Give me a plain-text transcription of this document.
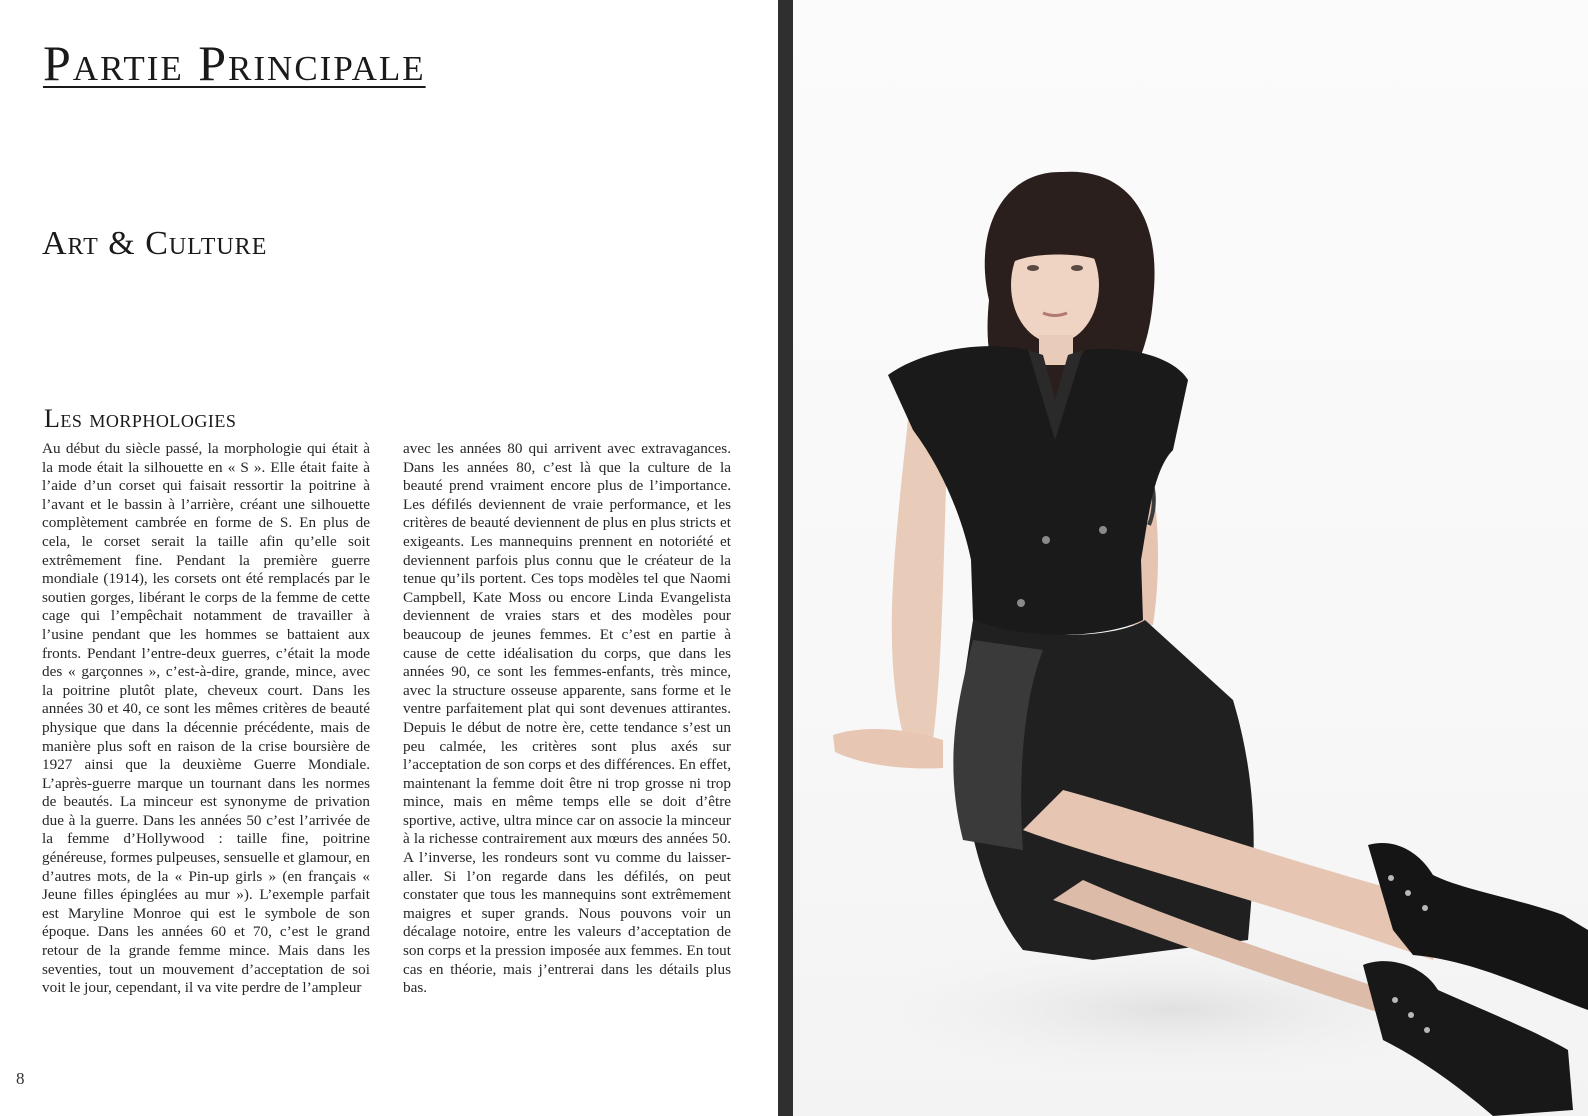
Partie Principale
Art & Culture
Les morphologies

Au début du siècle passé, la morphologie qui était à la mode était la silhouette en « S ». Elle était faite à l’aide d’un corset qui faisait ressortir la poitrine à l’avant et le bassin à l’arrière, créant une silhouette complètement cambrée en forme de S. En plus de cela, le corset serait la taille afin qu’elle soit extrêmement fine. Pendant la première guerre mondiale (1914), les corsets ont été remplacés par le soutien gorges, libérant le corps de la femme de cette cage qui l’empêchait notamment de travailler à l’usine pendant que les hommes se battaient aux fronts. Pendant l’entre-deux guerres, c’était la mode des « garçonnes », c’est-à-dire, grande, mince, avec la poitrine plutôt plate, cheveux court. Dans les années 30 et 40, ce sont les mêmes critères de beauté physique que dans la décennie précédente, mais de manière plus soft en raison de la crise boursière de 1927 ainsi que la deuxième Guerre Mondiale. L’après-guerre marque un tournant dans les normes de beautés. La minceur est synonyme de privation due à la guerre. Dans les années 50 c’est l’arrivée de la femme d’Hollywood : taille fine, poitrine généreuse, formes pulpeuses, sensuelle et glamour, en d’autres mots, de la « Pin-up girls » (en français « Jeune filles épinglées au mur »). L’exemple parfait est Maryline Monroe qui est le symbole de son époque. Dans les années 60 et 70, c’est le grand retour de la grande femme mince. Mais dans les seventies, tout un mouvement d’acceptation de soi voit le jour, cependant, il va vite perdre de l’ampleur

avec les années 80 qui arrivent avec extravagances. Dans les années 80, c’est là que la culture de la beauté prend vraiment encore plus de l’importance. Les défilés deviennent de vraie performance, et les critères de beauté deviennent de plus en plus stricts et exigeants. Les mannequins prennent en notoriété et deviennent parfois plus connu que le créateur de la tenue qu’ils portent. Ces tops modèles tel que Naomi Campbell, Kate Moss ou encore Linda Evangelista deviennent de vraies stars et des modèles pour beaucoup de jeunes femmes. Et c’est en partie à cause de cette idéalisation du corps, que dans les années 90, ce sont les femmes-enfants, très mince, avec la structure osseuse apparente, sans forme et le ventre parfaitement plat qui sont devenues attirantes. Depuis le début de notre ère, cette tendance s’est un peu calmée, les critères sont plus axés sur l’acceptation de son corps et des différences. En effet, maintenant la femme doit être ni trop grosse ni trop mince, mais en même temps elle se doit d’être sportive, active, ultra mince car on associe la minceur à la richesse contrairement aux mœurs des années 50. A l’inverse, les rondeurs sont vu comme du laisser-aller. Si l’on regarde dans les défilés, on peut constater que tous les mannequins sont extrêmement maigres et super grands. Nous pouvons voir un décalage notoire, entre les valeurs d’acceptation de son corps et la pression imposée aux femmes. En tout cas en théorie, mais j’entrerai dans les détails plus bas.

8
